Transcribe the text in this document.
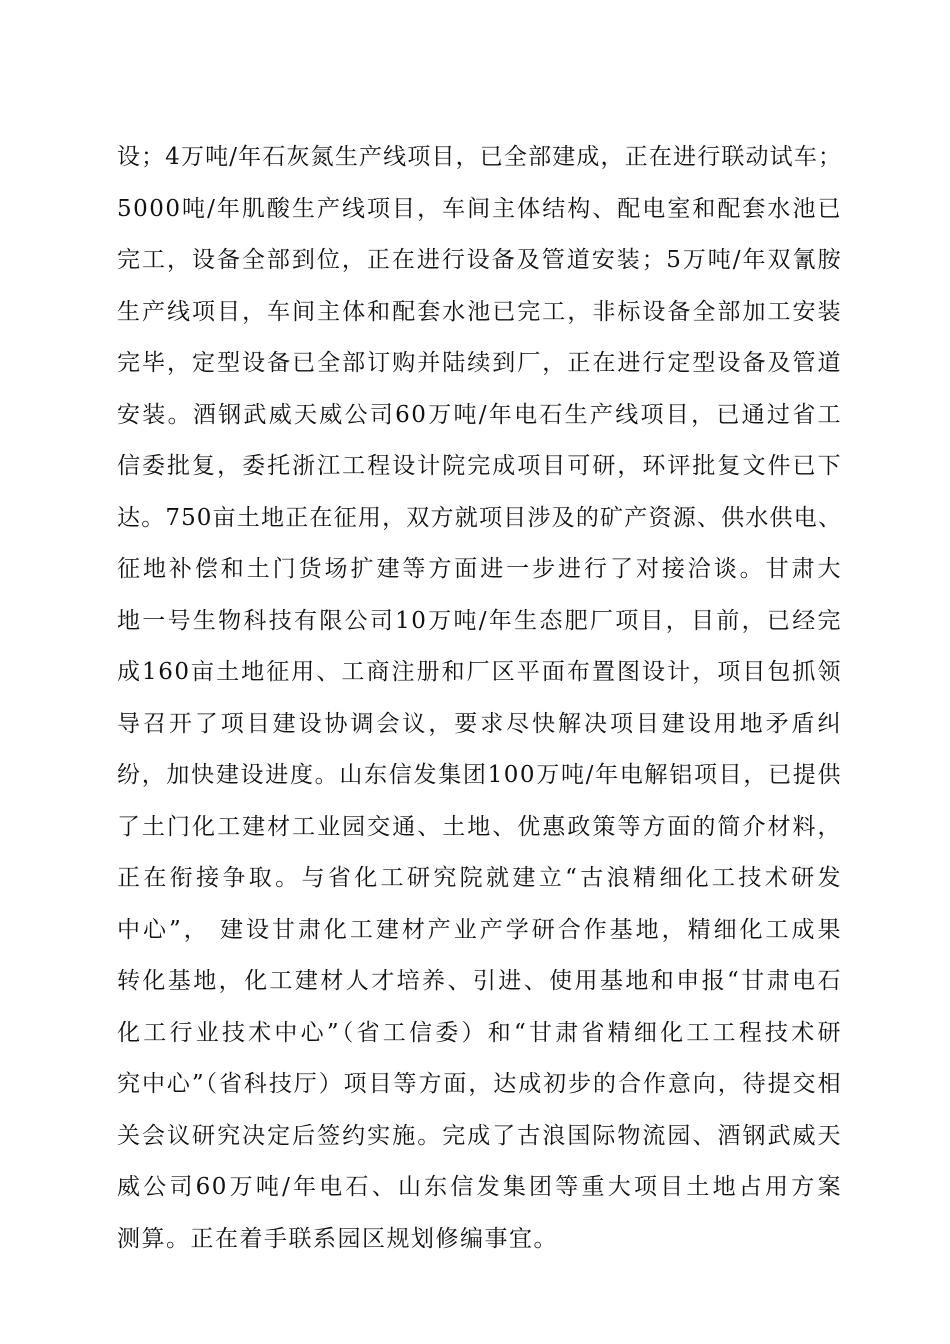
设；4万吨/年石灰氮生产线项目，已全部建成，正在进行联动试车；
5000吨/年肌酸生产线项目，车间主体结构、配电室和配套水池已
完工，设备全部到位，正在进行设备及管道安装；5万吨/年双氰胺
生产线项目，车间主体和配套水池已完工，非标设备全部加工安装
完毕，定型设备已全部订购并陆续到厂，正在进行定型设备及管道
安装。酒钢武威天威公司60万吨/年电石生产线项目，已通过省工
信委批复，委托浙江工程设计院完成项目可研，环评批复文件已下
达。750亩土地正在征用，双方就项目涉及的矿产资源、供水供电、
征地补偿和土门货场扩建等方面进一步进行了对接洽谈。甘肃大
地一号生物科技有限公司10万吨/年生态肥厂项目，目前，已经完
成160亩土地征用、工商注册和厂区平面布置图设计，项目包抓领
导召开了项目建设协调会议，要求尽快解决项目建设用地矛盾纠
纷，加快建设进度。山东信发集团100万吨/年电解铝项目，已提供
了土门化工建材工业园交通、土地、优惠政策等方面的简介材料，
正在衔接争取。与省化工研究院就建立“古浪精细化工技术研发
中心”， 建设甘肃化工建材产业产学研合作基地，精细化工成果
转化基地，化工建材人才培养、引进、使用基地和申报“甘肃电石
化工行业技术中心”（省工信委）和“甘肃省精细化工工程技术研
究中心”（省科技厅）项目等方面，达成初步的合作意向，待提交相
关会议研究决定后签约实施。完成了古浪国际物流园、酒钢武威天
威公司60万吨/年电石、山东信发集团等重大项目土地占用方案
测算。正在着手联系园区规划修编事宜。
